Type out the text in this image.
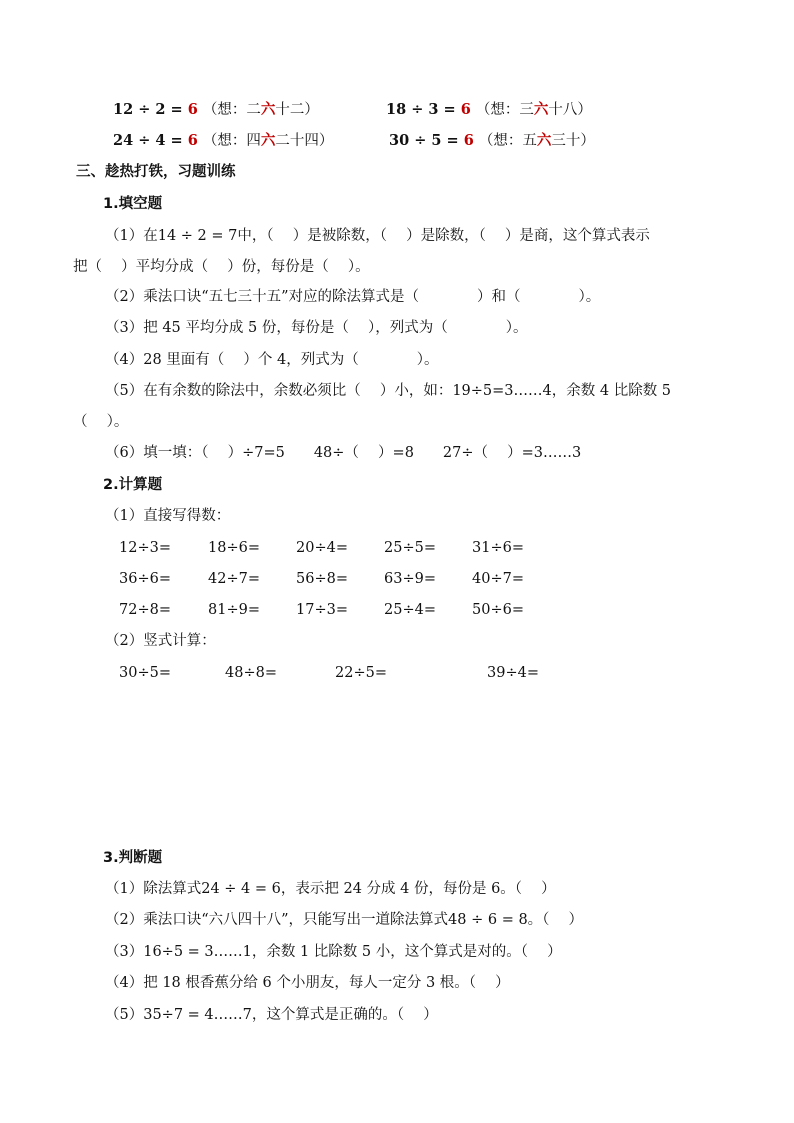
12 ÷ 2 = 6 （想：二六十二）	18 ÷ 3 = 6 （想：三六十八）
24 ÷ 4 = 6 （想：四六二十四）	30 ÷ 5 = 6 （想：五六三十）
三、趁热打铁，习题训练
1.填空题
（1）在14 ÷ 2 = 7中，（　 ）是被除数，（　 ）是除数，（　 ）是商，这个算式表示
把（　 ）平均分成（　 ）份，每份是（　 ）。
（2）乘法口诀“五七三十五”对应的除法算式是（　　　　）和（　　　　）。
（3）把 45 平均分成 5 份，每份是（　 ），列式为（　　　　）。
（4）28 里面有（　 ）个 4，列式为（　　　　）。
（5）在有余数的除法中，余数必须比（　 ）小，如：19÷5=3……4，余数 4 比除数 5
（　 ）。
（6）填一填：（　 ）÷7=5　　48÷（　 ）=8　　27÷（　 ）=3……3
2.计算题
（1）直接写得数：
12÷3=	18÷6= 20÷4= 25÷5= 31÷6=
36÷6=	42÷7= 56÷8= 63÷9= 40÷7=
72÷8=	81÷9= 17÷3= 25÷4= 50÷6=
（2）竖式计算：
30÷5=	48÷8=	22÷5=	39÷4=
3.判断题
（1）除法算式24 ÷ 4 = 6，表示把 24 分成 4 份，每份是 6。（　 ）
（2）乘法口诀“六八四十八”，只能写出一道除法算式48 ÷ 6 = 8。（　 ）
（3）16÷5 = 3……1，余数 1 比除数 5 小，这个算式是对的。（　 ）
（4）把 18 根香蕉分给 6 个小朋友，每人一定分 3 根。（　 ）
（5）35÷7 = 4……7，这个算式是正确的。（　 ）
